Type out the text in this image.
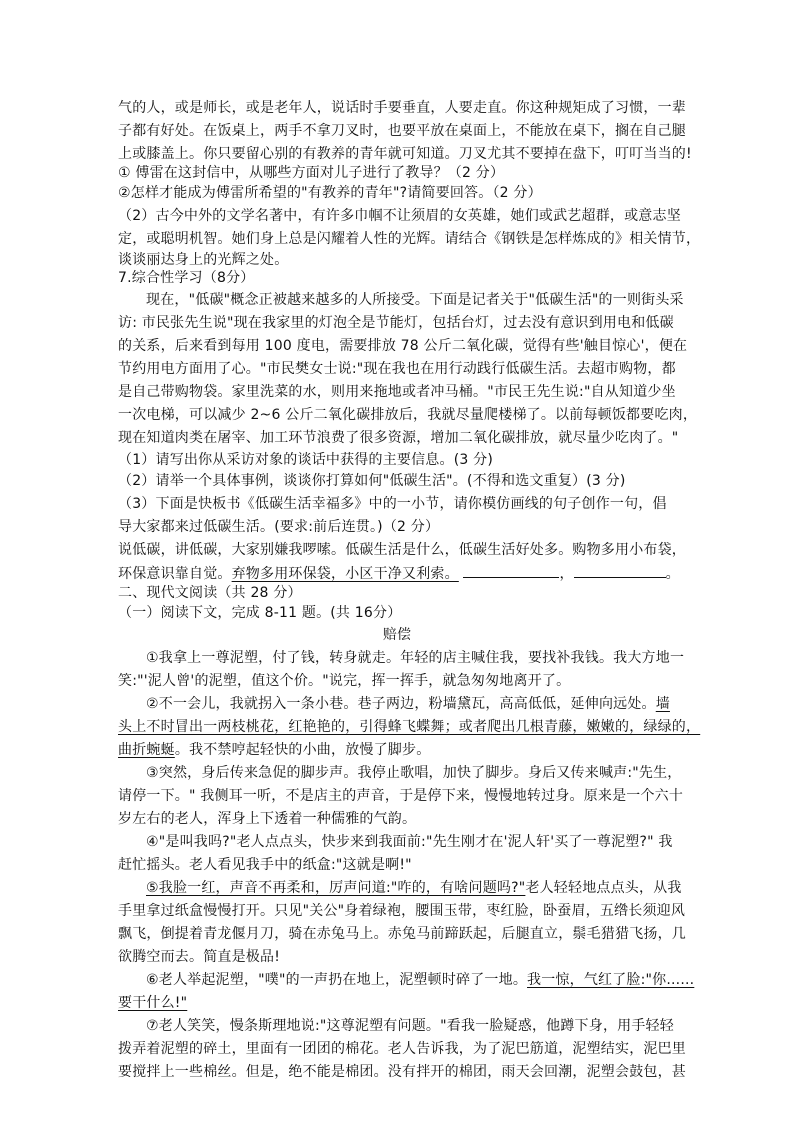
气的人，或是师长，或是老年人，说话时手要垂直，人要走直。你这种规矩成了习惯，一辈
子都有好处。在饭桌上，两手不拿刀叉时，也要平放在桌面上，不能放在桌下，搁在自己腿
上或膝盖上。你只要留心别的有教养的青年就可知道。刀叉尤其不要掉在盘下，叮叮当当的!
① 傅雷在这封信中，从哪些方面对儿子进行了教导？（2 分）
②怎样才能成为傅雷所希望的"有教养的青年"?请简要回答。（2 分）
（2）古今中外的文学名著中，有许多巾帼不让须眉的女英雄，她们或武艺超群，或意志坚
定，或聪明机智。她们身上总是闪耀着人性的光辉。请结合《钢铁是怎样炼成的》相关情节，
谈谈丽达身上的光辉之处。
7.综合性学习（8分）
现在，"低碳"概念正被越来越多的人所接受。下面是记者关于"低碳生活"的一则街头采
访: 市民张先生说"现在我家里的灯泡全是节能灯，包括台灯，过去没有意识到用电和低碳
的关系，后来看到每用 100 度电，需要排放 78 公斤二氧化碳，觉得有些'触目惊心'，便在
节约用电方面用了心。"市民樊女士说:"现在我也在用行动践行低碳生活。去超市购物，都
是自己带购物袋。家里洗菜的水，则用来拖地或者冲马桶。"市民王先生说:"自从知道少坐
一次电梯，可以减少 2~6 公斤二氧化碳排放后，我就尽量爬楼梯了。以前每顿饭都要吃肉，
现在知道肉类在屠宰、加工环节浪费了很多资源，增加二氧化碳排放，就尽量少吃肉了。"
（1）请写出你从采访对象的谈话中获得的主要信息。(3 分)
（2）请举一个具体事例，谈谈你打算如何"低碳生活"。(不得和选文重复）(3 分)
（3）下面是快板书《低碳生活幸福多》中的一小节，请你模仿画线的句子创作一句，倡
导大家都来过低碳生活。(要求:前后连贯。)（2 分）
说低碳，讲低碳，大家别嫌我啰嗦。低碳生活是什么，低碳生活好处多。购物多用小布袋，
环保意识靠自觉。弃物多用环保袋，小区干净又利索。	，	。
二、现代文阅读（共 28 分）
（一）阅读下文，完成 8-11 题。(共 16分）
赔偿
①我拿上一尊泥塑，付了钱，转身就走。年轻的店主喊住我，要找补我钱。我大方地一
笑:"'泥人曾'的泥塑，值这个价。"说完，挥一挥手，就急匆匆地离开了。
②不一会儿，我就拐入一条小巷。巷子两边，粉墙黛瓦，高高低低，延伸向远处。墙
头上不时冒出一两枝桃花，红艳艳的，引得蜂飞蝶舞；或者爬出几根青藤，嫩嫩的，绿绿的，
曲折蜿蜒。我不禁哼起轻快的小曲，放慢了脚步。
③突然，身后传来急促的脚步声。我停止歌唱，加快了脚步。身后又传来喊声:"先生，
请停一下。" 我侧耳一听，不是店主的声音，于是停下来，慢慢地转过身。原来是一个六十
岁左右的老人，浑身上下透着一种儒雅的气韵。
④"是叫我吗?"老人点点头，快步来到我面前:"先生刚才在'泥人轩'买了一尊泥塑?" 我
赶忙摇头。老人看见我手中的纸盒:"这就是啊!"
⑤我脸一红，声音不再柔和，厉声问道:"咋的，有啥问题吗?"老人轻轻地点点头，从我
手里拿过纸盒慢慢打开。只见"关公"身着绿袍，腰围玉带，枣红脸，卧蚕眉，五绺长须迎风
飘飞，倒提着青龙偃月刀，骑在赤兔马上。赤兔马前蹄跃起，后腿直立，鬃毛猎猎飞扬，几
欲腾空而去。简直是极品!
⑥老人举起泥塑，"噗"的一声扔在地上，泥塑顿时碎了一地。我一惊，气红了脸:"你......
要干什么!"
⑦老人笑笑，慢条斯理地说:"这尊泥塑有问题。"看我一脸疑惑，他蹲下身，用手轻轻
拨弄着泥塑的碎土，里面有一团团的棉花。老人告诉我，为了泥巴筋道，泥塑结实，泥巴里
要搅拌上一些棉丝。但是，绝不能是棉团。没有拌开的棉团，雨天会回潮，泥塑会鼓包，甚
